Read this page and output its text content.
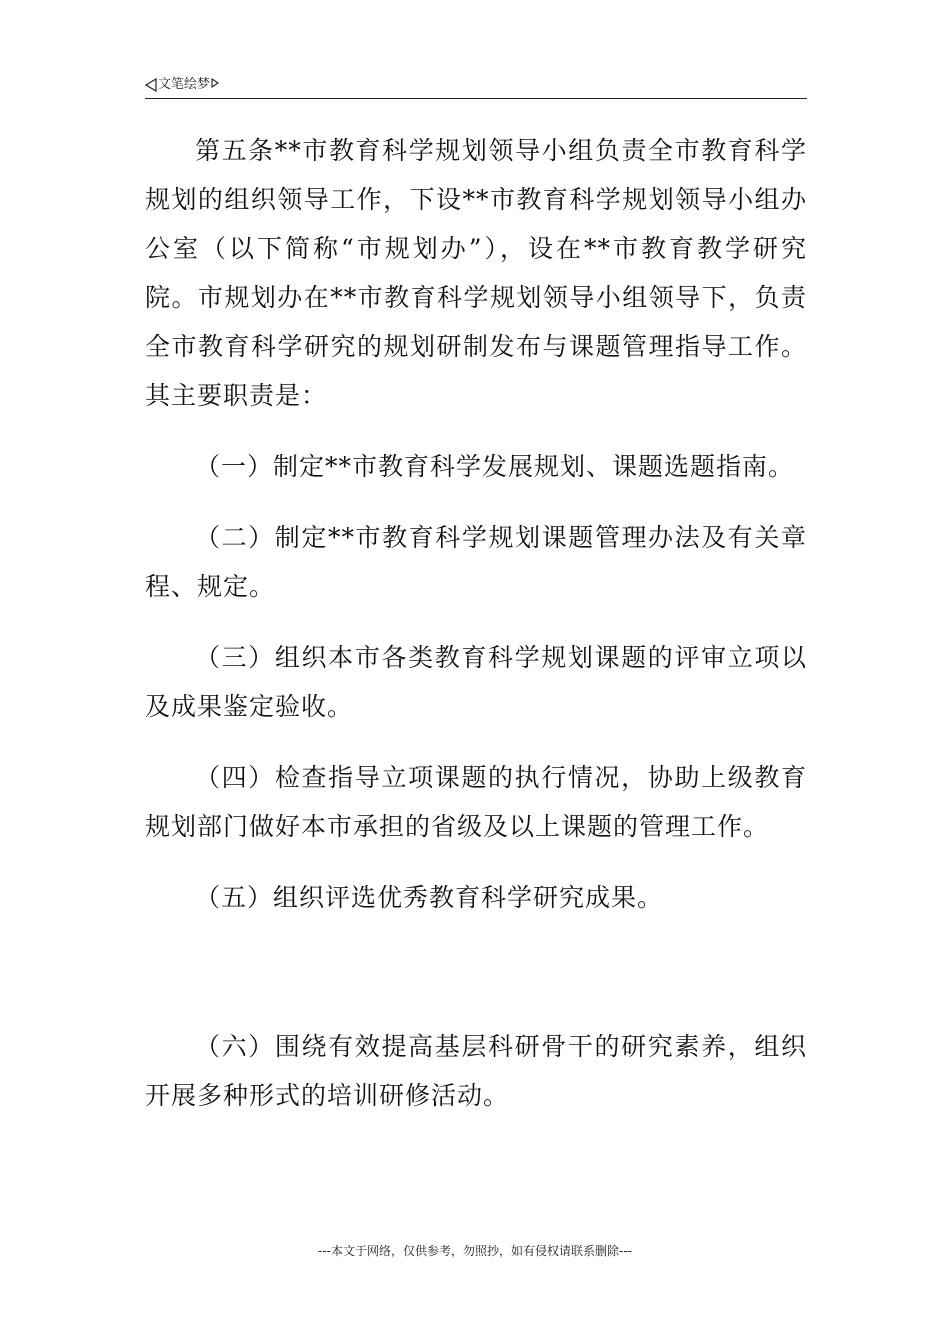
文笔绘梦

第五条**市教育科学规划领导小组负责全市教育科学规划的组织领导工作，下设**市教育科学规划领导小组办公室（以下简称“市规划办”），设在**市教育教学研究院。市规划办在**市教育科学规划领导小组领导下，负责全市教育科学研究的规划研制发布与课题管理指导工作。其主要职责是：

（一）制定**市教育科学发展规划、课题选题指南。

（二）制定**市教育科学规划课题管理办法及有关章程、规定。

（三）组织本市各类教育科学规划课题的评审立项以及成果鉴定验收。

（四）检查指导立项课题的执行情况，协助上级教育规划部门做好本市承担的省级及以上课题的管理工作。

（五）组织评选优秀教育科学研究成果。

（六）围绕有效提高基层科研骨干的研究素养，组织开展多种形式的培训研修活动。

---本文于网络，仅供参考，勿照抄，如有侵权请联系删除---
